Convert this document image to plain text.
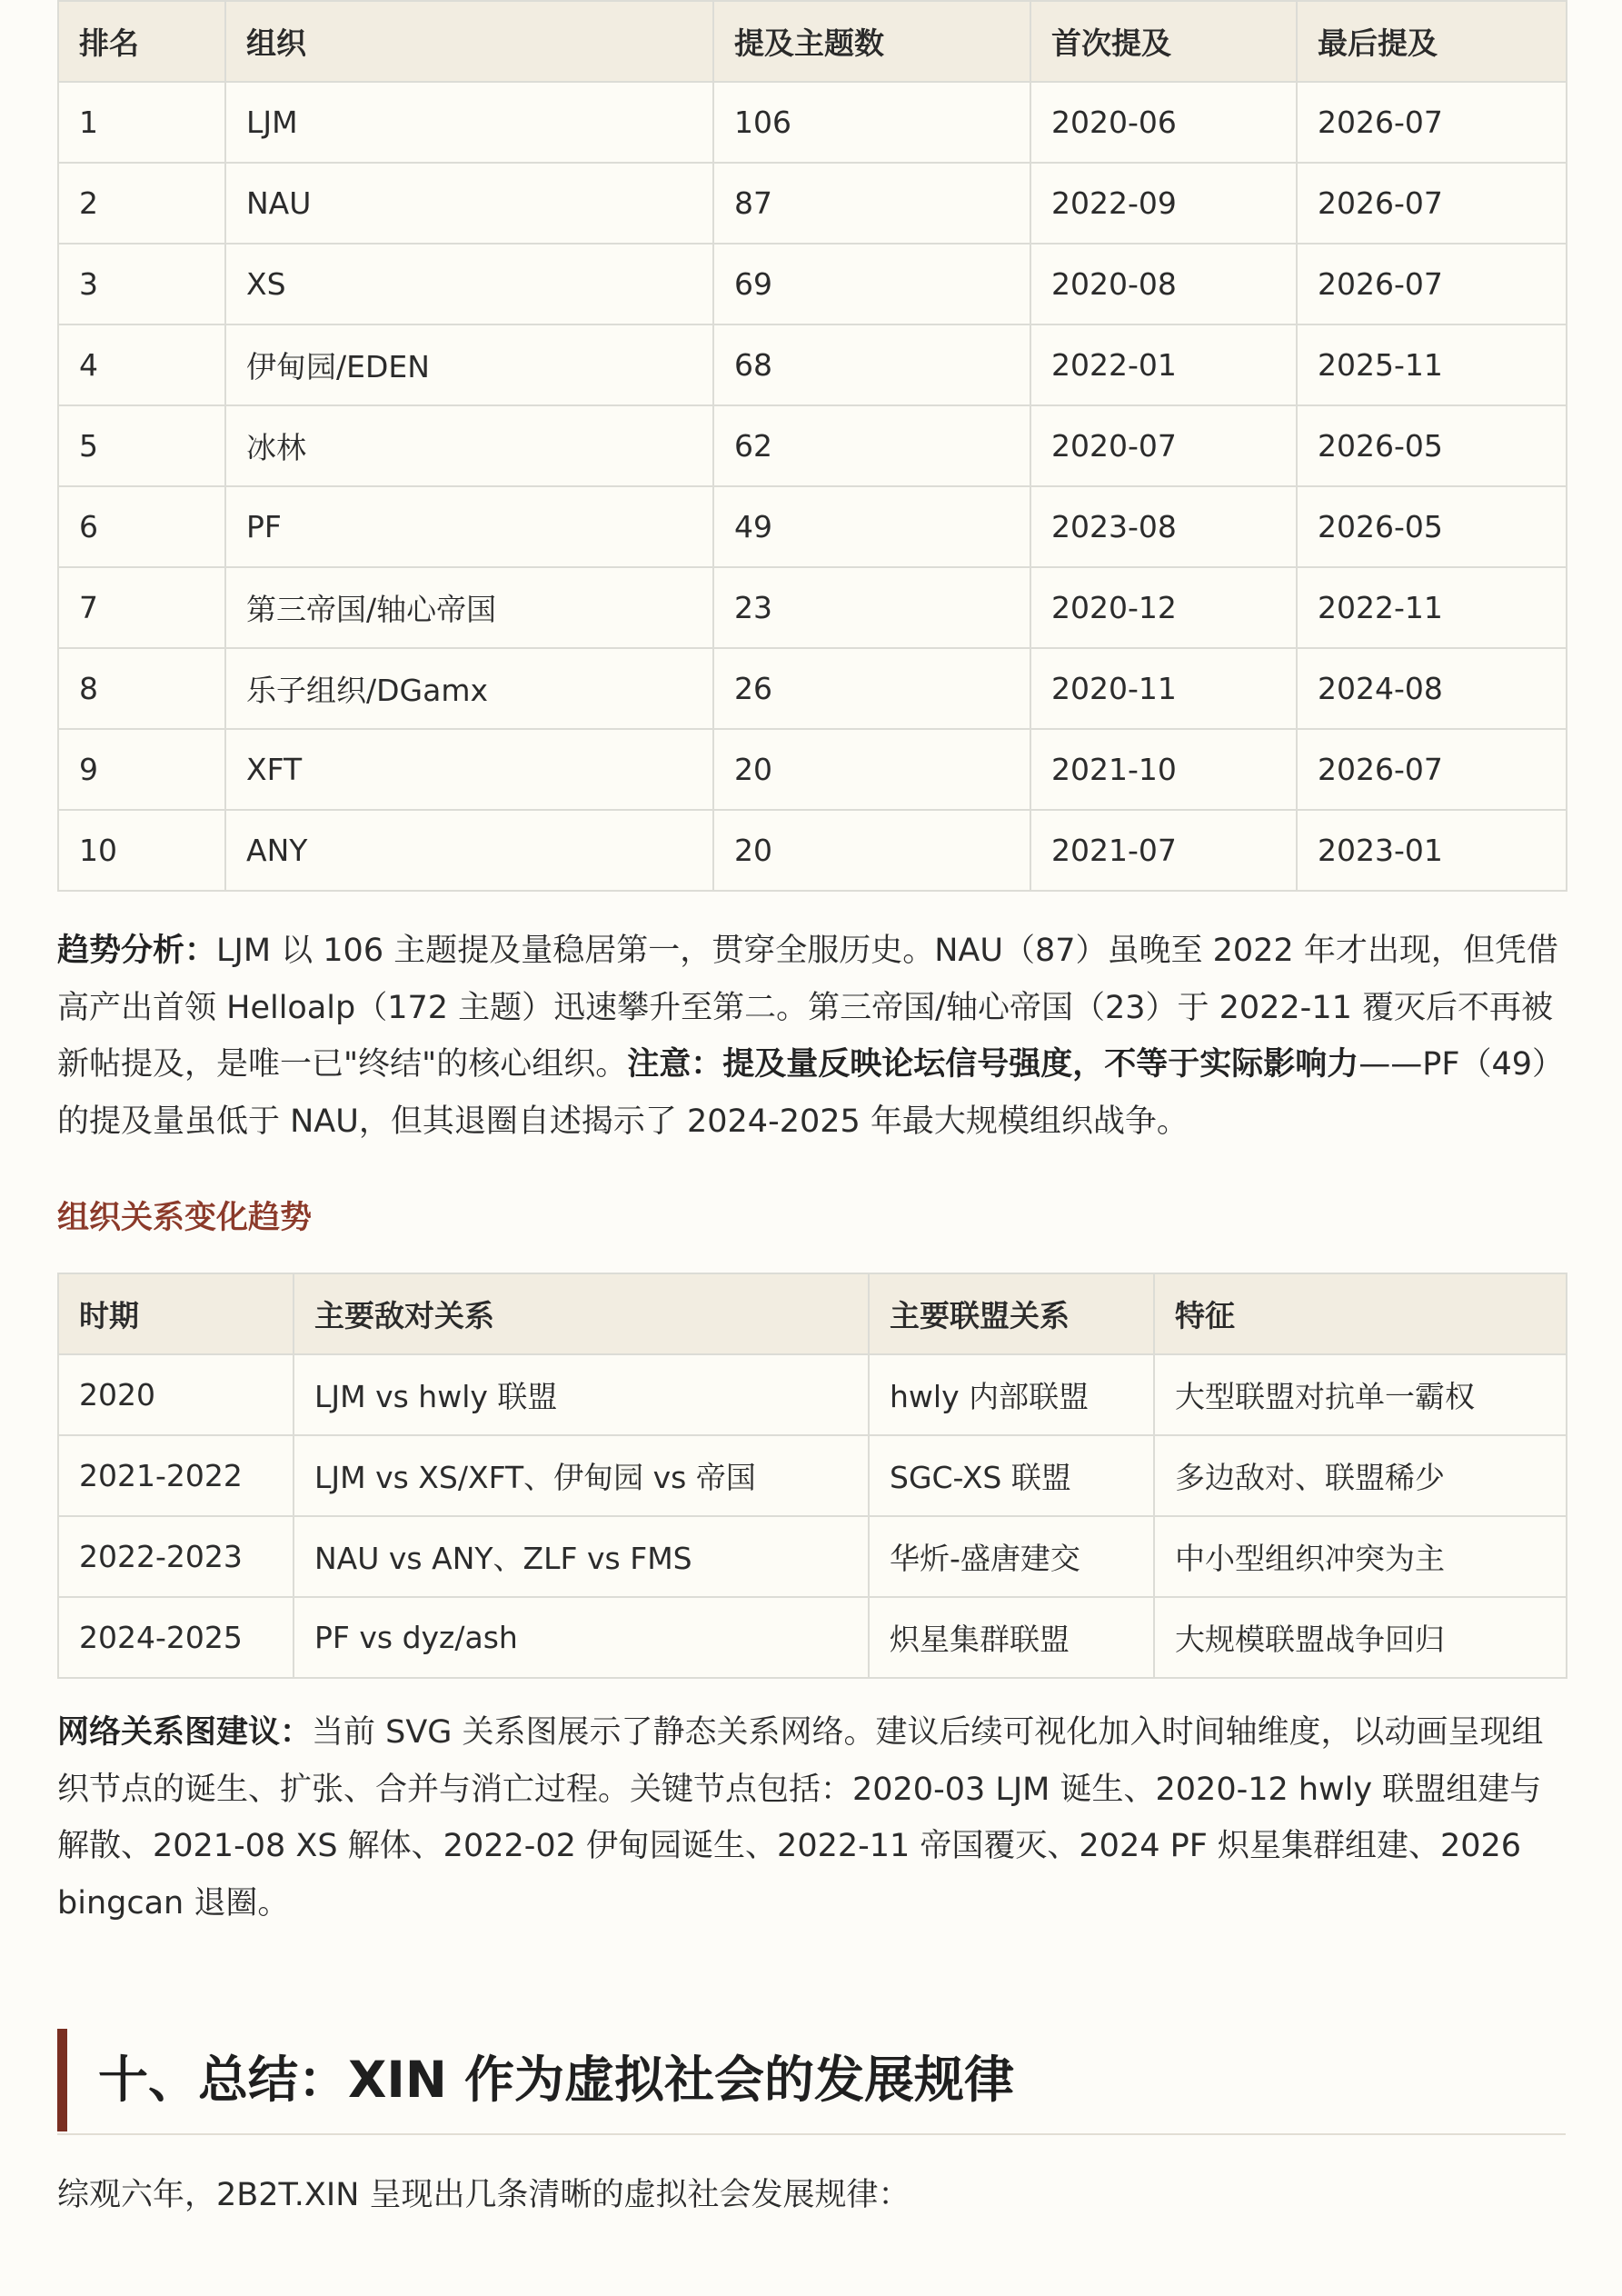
排名	组织	提及主题数	首次提及	最后提及
1	LJM	106	2020-06	2026-07
2	NAU	87	2022-09	2026-07
3	XS	69	2020-08	2026-07
4	伊甸园/EDEN	68	2022-01	2025-11
5	冰林	62	2020-07	2026-05
6	PF	49	2023-08	2026-05
7	第三帝国/轴心帝国	23	2020-12	2022-11
8	乐子组织/DGamx	26	2020-11	2024-08
9	XFT	20	2021-10	2026-07
10	ANY	20	2021-07	2023-01

趋势分析：LJM 以 106 主题提及量稳居第一，贯穿全服历史。NAU（87）虽晚至 2022 年才出现，但凭借高产出首领 Helloalp（172 主题）迅速攀升至第二。第三帝国/轴心帝国（23）于 2022-11 覆灭后不再被新帖提及，是唯一已"终结"的核心组织。注意：提及量反映论坛信号强度，不等于实际影响力——PF（49）的提及量虽低于 NAU，但其退圈自述揭示了 2024-2025 年最大规模组织战争。

组织关系变化趋势
时期	主要敌对关系	主要联盟关系	特征
2020	LJM vs hwly 联盟	hwly 内部联盟	大型联盟对抗单一霸权
2021-2022	LJM vs XS/XFT、伊甸园 vs 帝国	SGC-XS 联盟	多边敌对、联盟稀少
2022-2023	NAU vs ANY、ZLF vs FMS	华炘-盛唐建交	中小型组织冲突为主
2024-2025	PF vs dyz/ash	炽星集群联盟	大规模联盟战争回归

网络关系图建议：当前 SVG 关系图展示了静态关系网络。建议后续可视化加入时间轴维度，以动画呈现组织节点的诞生、扩张、合并与消亡过程。关键节点包括：2020-03 LJM 诞生、2020-12 hwly 联盟组建与解散、2021-08 XS 解体、2022-02 伊甸园诞生、2022-11 帝国覆灭、2024 PF 炽星集群组建、2026 bingcan 退圈。

十、总结：XIN 作为虚拟社会的发展规律

综观六年，2B2T.XIN 呈现出几条清晰的虚拟社会发展规律：
